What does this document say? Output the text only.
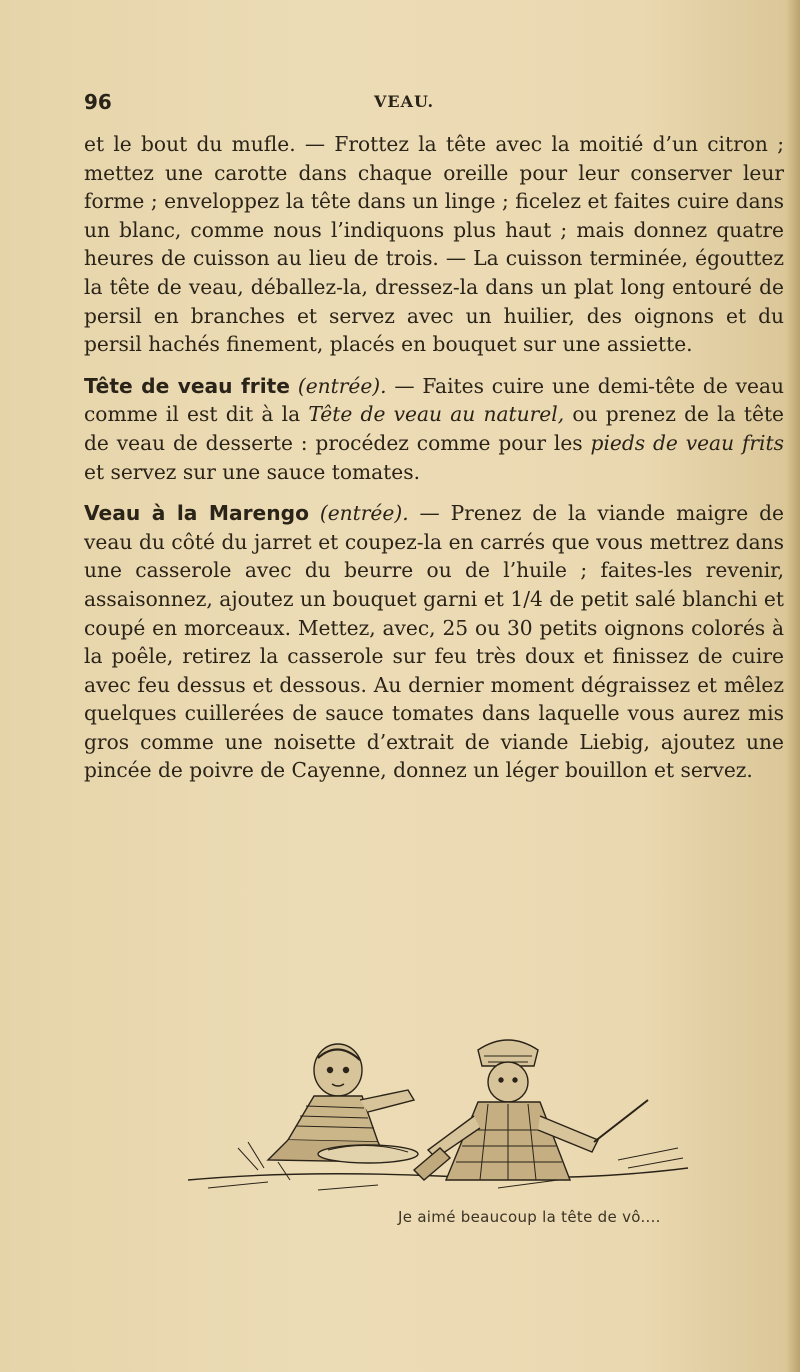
96	VEAU.

et le bout du mufle. — Frottez la tête avec la moitié d’un citron ; mettez une carotte dans chaque oreille pour leur conserver leur forme ; enveloppez la tête dans un linge ; ficelez et faites cuire dans un blanc, comme nous l’indiquons plus haut ; mais donnez quatre heures de cuisson au lieu de trois. — La cuisson terminée, égouttez la tête de veau, déballez-la, dressez-la dans un plat long entouré de persil en branches et servez avec un huilier, des oignons et du persil hachés finement, placés en bouquet sur une assiette.

Tête de veau frite (entrée). — Faites cuire une demi-tête de veau comme il est dit à la Tête de veau au naturel, ou prenez de la tête de veau de desserte : procédez comme pour les pieds de veau frits et servez sur une sauce tomates.

Veau à la Marengo (entrée). — Prenez de la viande maigre de veau du côté du jarret et coupez-la en carrés que vous mettrez dans une casserole avec du beurre ou de l’huile ; faites-les revenir, assaisonnez, ajoutez un bouquet garni et 1/4 de petit salé blanchi et coupé en morceaux. Mettez, avec, 25 ou 30 petits oignons colorés à la poêle, retirez la casserole sur feu très doux et finissez de cuire avec feu dessus et dessous. Au dernier moment dégraissez et mêlez quelques cuillerées de sauce tomates dans laquelle vous aurez mis gros comme une noisette d’extrait de viande Liebig, ajoutez une pincée de poivre de Cayenne, donnez un léger bouillon et servez.

Je aimé beaucoup la tête de vô....
